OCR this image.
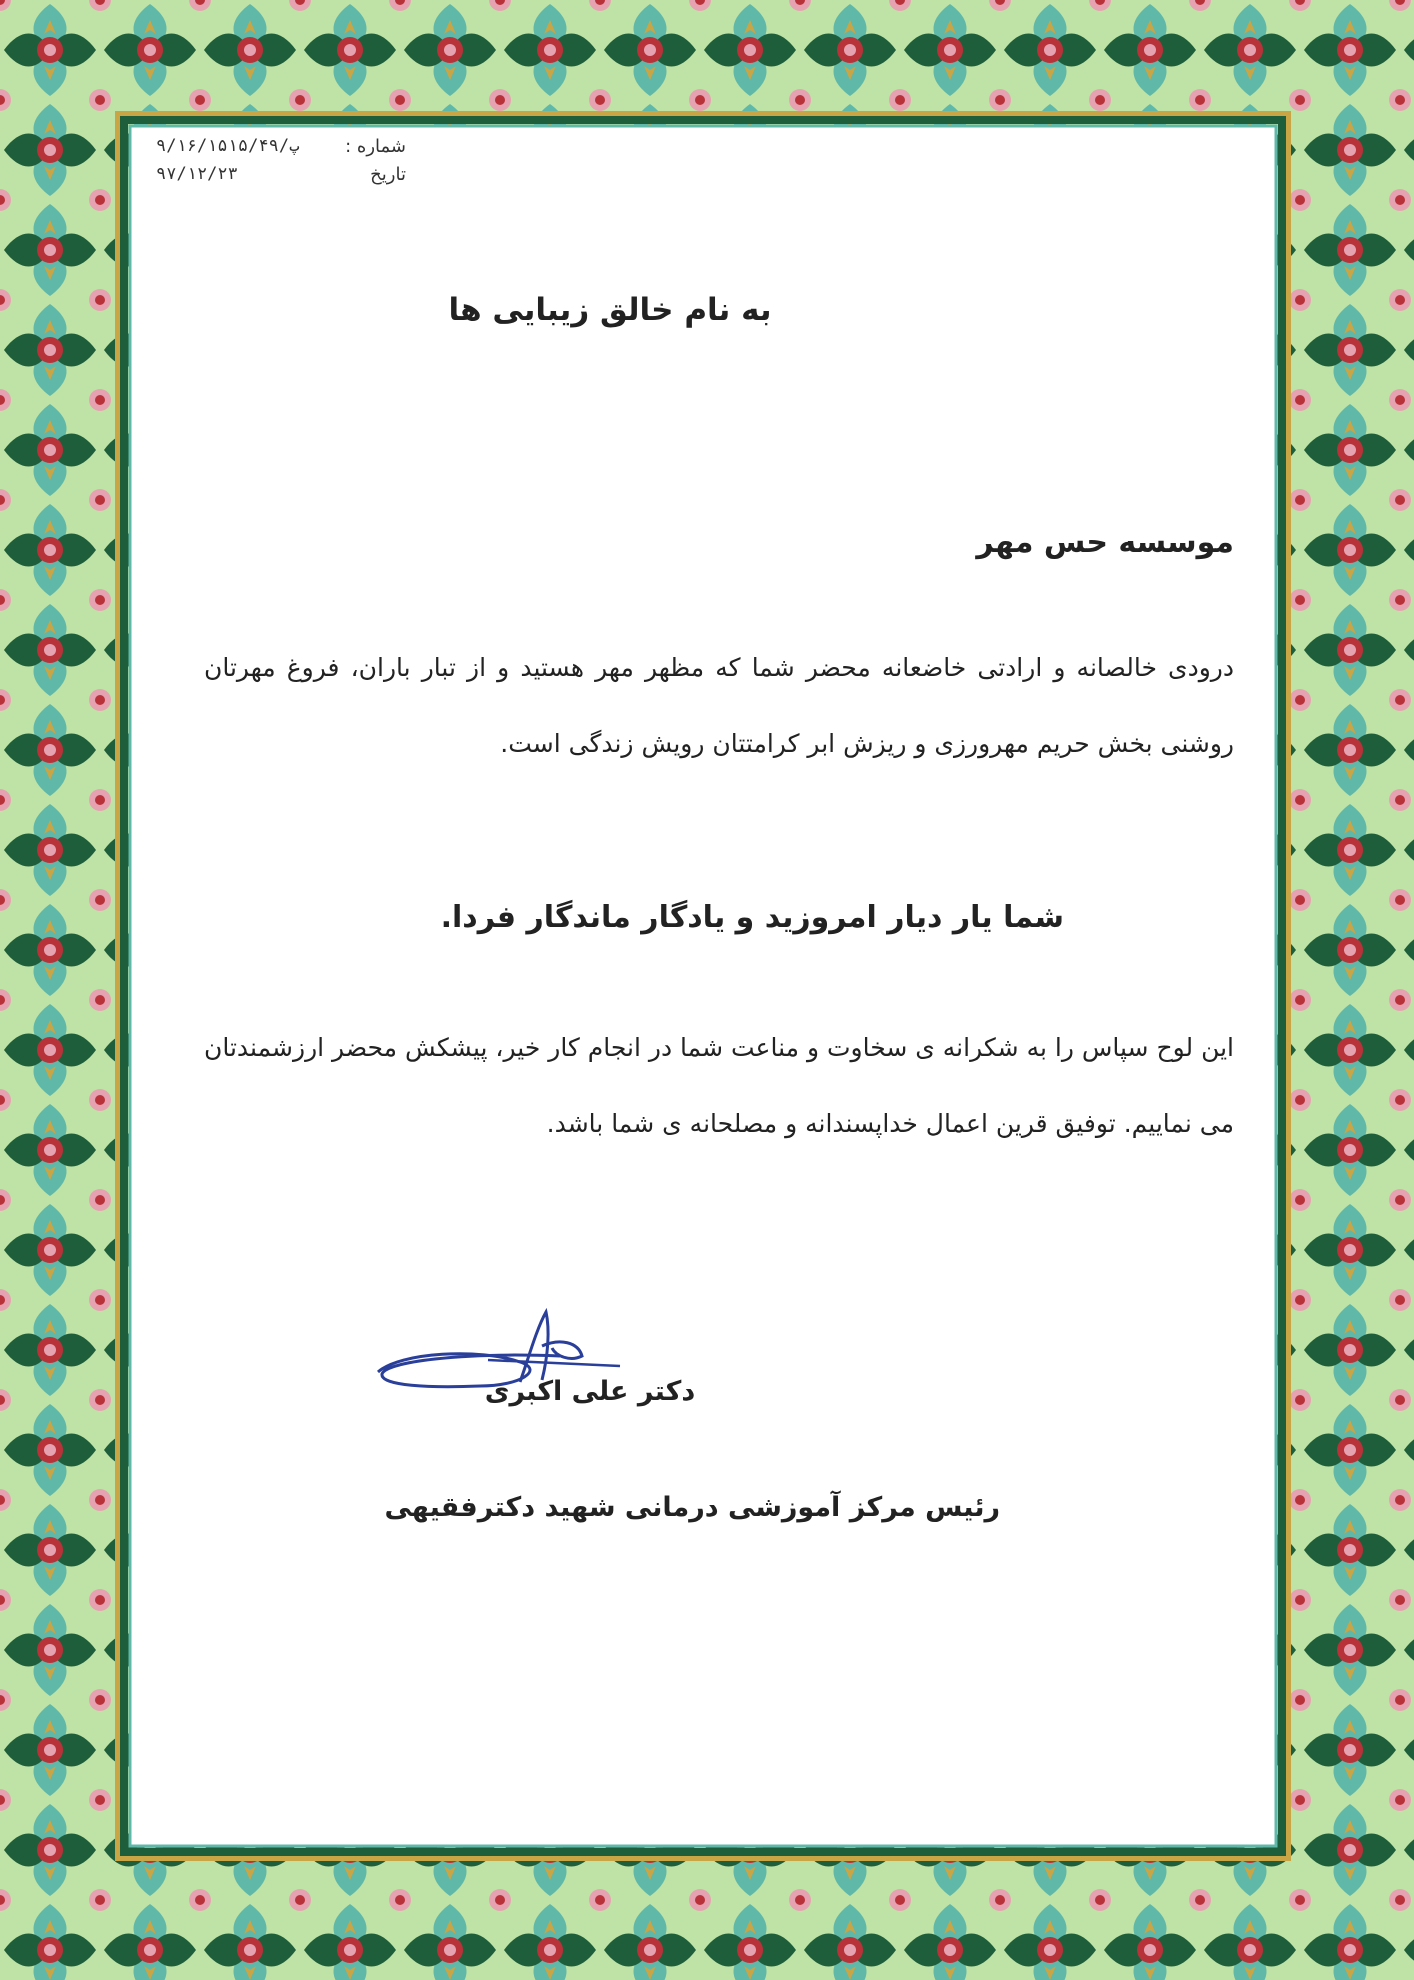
شماره :
۹/۱۶/۱۵۱۵/۴۹/پ
تاریخ
۹۷/۱۲/۲۳
به نام خالق زیبایی ها
موسسه حس مهر
درودی خالصانه و ارادتی خاضعانه محضر شما که مظهر مهر هستید و از تبار باران، فروغ مهرتان روشنی بخش حریم مهرورزی و ریزش ابر کرامتتان رویش زندگی است.
شما یار دیار امروزید و یادگار ماندگار فردا.
این لوح سپاس را به شکرانه ی سخاوت و مناعت شما در انجام کار خیر، پیشکش محضر ارزشمندتان می نماییم. توفیق قرین اعمال خداپسندانه و مصلحانه ی شما باشد.
دکتر علی اکبری
رئیس مرکز آموزشی درمانی شهید دکترفقیهی
